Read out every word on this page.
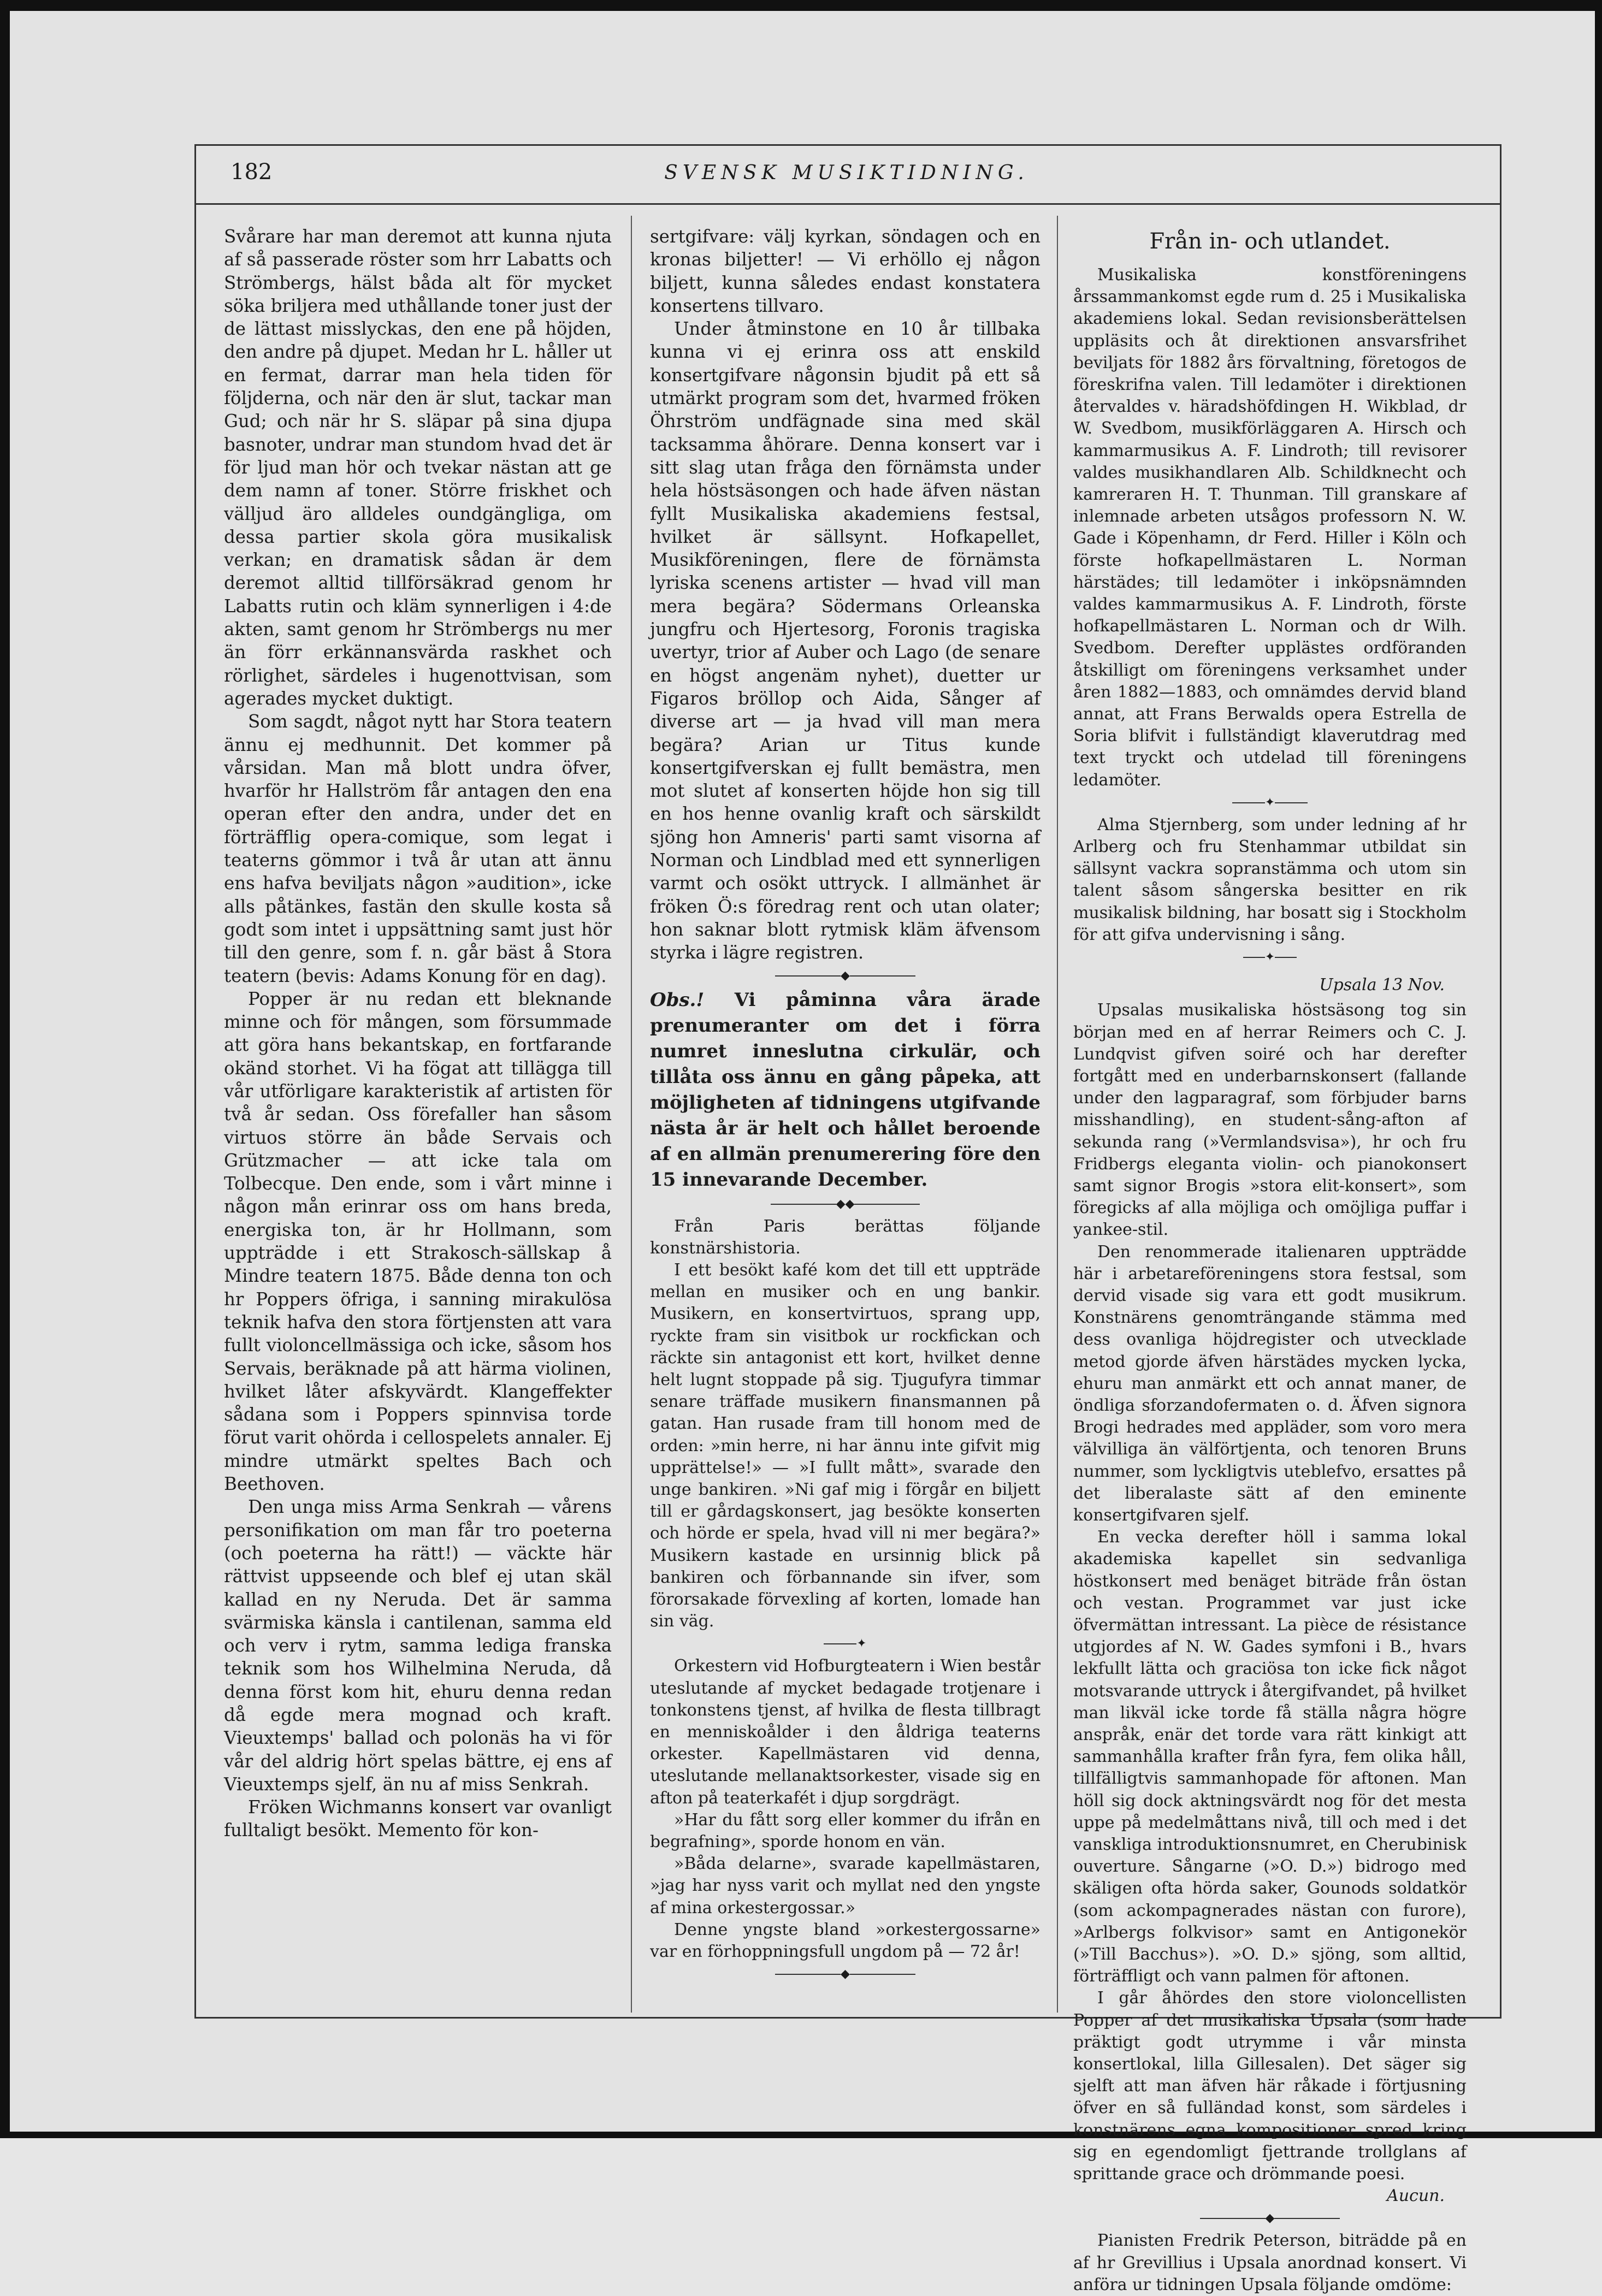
182	SVENSK MUSIKTIDNING.

Svårare har man deremot att kunna njuta af så passerade röster som hrr Labatts och Strömbergs, hälst båda alt för mycket söka briljera med uthållande toner just der de lättast misslyckas, den ene på höjden, den andre på djupet. Medan hr L. håller ut en fermat, darrar man hela tiden för följderna, och när den är slut, tackar man Gud; och när hr S. släpar på sina djupa basnoter, undrar man stundom hvad det är för ljud man hör och tvekar nästan att ge dem namn af toner. Större friskhet och välljud äro alldeles oundgängliga, om dessa partier skola göra musikalisk verkan; en dramatisk sådan är dem deremot alltid tillförsäkrad genom hr Labatts rutin och kläm synnerligen i 4:de akten, samt genom hr Strömbergs nu mer än förr erkännansvärda raskhet och rörlighet, särdeles i hugenottvisan, som agerades mycket duktigt.

Som sagdt, något nytt har Stora teatern ännu ej medhunnit. Det kommer på vårsidan. Man må blott undra öfver, hvarför hr Hallström får antagen den ena operan efter den andra, under det en förträfflig opera-comique, som legat i teaterns gömmor i två år utan att ännu ens hafva beviljats någon »audition», icke alls påtänkes, fastän den skulle kosta så godt som intet i uppsättning samt just hör till den genre, som f. n. går bäst å Stora teatern (bevis: Adams Konung för en dag).

Popper är nu redan ett bleknande minne och för mången, som försummade att göra hans bekantskap, en fortfarande okänd storhet. Vi ha fögat att tillägga till vår utförligare karakteristik af artisten för två år sedan. Oss förefaller han såsom virtuos större än både Servais och Grützmacher — att icke tala om Tolbecque. Den ende, som i vårt minne i någon mån erinrar oss om hans breda, energiska ton, är hr Hollmann, som uppträdde i ett Strakosch-sällskap å Mindre teatern 1875. Både denna ton och hr Poppers öfriga, i sanning mirakulösa teknik hafva den stora förtjensten att vara fullt violoncellmässiga och icke, såsom hos Servais, beräknade på att härma violinen, hvilket låter afskyvärdt. Klangeffekter sådana som i Poppers spinnvisa torde förut varit ohörda i cellospelets annaler. Ej mindre utmärkt speltes Bach och Beethoven.

Den unga miss Arma Senkrah — vårens personifikation om man får tro poeterna (och poeterna ha rätt!) — väckte här rättvist uppseende och blef ej utan skäl kallad en ny Neruda. Det är samma svärmiska känsla i cantilenan, samma eld och verv i rytm, samma lediga franska teknik som hos Wilhelmina Neruda, då denna först kom hit, ehuru denna redan då egde mera mognad och kraft. Vieuxtemps' ballad och polonäs ha vi för vår del aldrig hört spelas bättre, ej ens af Vieuxtemps sjelf, än nu af miss Senkrah.

Fröken Wichmanns konsert var ovanligt fulltaligt besökt. Memento för kon-

sertgifvare: välj kyrkan, söndagen och en kronas biljetter! — Vi erhöllo ej någon biljett, kunna således endast konstatera konsertens tillvaro.

Under åtminstone en 10 år tillbaka kunna vi ej erinra oss att enskild konsertgifvare någonsin bjudit på ett så utmärkt program som det, hvarmed fröken Öhrström undfägnade sina med skäl tacksamma åhörare. Denna konsert var i sitt slag utan fråga den förnämsta under hela höstsäsongen och hade äfven nästan fyllt Musikaliska akademiens festsal, hvilket är sällsynt. Hofkapellet, Musikföreningen, flere de förnämsta lyriska scenens artister — hvad vill man mera begära? Södermans Orleanska jungfru och Hjertesorg, Foronis tragiska uvertyr, trior af Auber och Lago (de senare en högst angenäm nyhet), duetter ur Figaros bröllop och Aida, Sånger af diverse art — ja hvad vill man mera begära? Arian ur Titus kunde konsertgifverskan ej fullt bemästra, men mot slutet af konserten höjde hon sig till en hos henne ovanlig kraft och särskildt sjöng hon Amneris' parti samt visorna af Norman och Lindblad med ett synnerligen varmt och osökt uttryck. I allmänhet är fröken Ö:s föredrag rent och utan olater; hon saknar blott rytmisk kläm äfvensom styrka i lägre registren.

◆

Obs.! Vi påminna våra ärade prenumeranter om det i förra numret inneslutna cirkulär, och tillåta oss ännu en gång påpeka, att möjligheten af tidningens utgifvande nästa år är helt och hållet beroende af en allmän prenumerering före den 15 innevarande December.

◆◆

Från Paris berättas följande konstnärshistoria.

I ett besökt kafé kom det till ett uppträde mellan en musiker och en ung bankir. Musikern, en konsertvirtuos, sprang upp, ryckte fram sin visitbok ur rockfickan och räckte sin antagonist ett kort, hvilket denne helt lugnt stoppade på sig. Tjugufyra timmar senare träffade musikern finansmannen på gatan. Han rusade fram till honom med de orden: »min herre, ni har ännu inte gifvit mig upprättelse!» — »I fullt mått», svarade den unge bankiren. »Ni gaf mig i förgår en biljett till er gårdagskonsert, jag besökte konserten och hörde er spela, hvad vill ni mer begära?» Musikern kastade en ursinnig blick på bankiren och förbannande sin ifver, som förorsakade förvexling af korten, lomade han sin väg.

✦

Orkestern vid Hofburgteatern i Wien består uteslutande af mycket bedagade trotjenare i tonkonstens tjenst, af hvilka de flesta tillbragt en menniskoålder i den åldriga teaterns orkester. Kapellmästaren vid denna, uteslutande mellanaktsorkester, visade sig en afton på teaterkafét i djup sorgdrägt.

»Har du fått sorg eller kommer du ifrån en begrafning», sporde honom en vän.

»Båda delarne», svarade kapellmästaren, »jag har nyss varit och myllat ned den yngste af mina orkestergossar.»

Denne yngste bland »orkestergossarne» var en förhoppningsfull ungdom på — 72 år!

◆
Från in- och utlandet.

Musikaliska konstföreningens årssammankomst egde rum d. 25 i Musikaliska akademiens lokal. Sedan revisionsberättelsen uppläsits och åt direktionen ansvarsfrihet beviljats för 1882 års förvaltning, företogos de föreskrifna valen. Till ledamöter i direktionen återvaldes v. häradshöfdingen H. Wikblad, dr W. Svedbom, musikförläggaren A. Hirsch och kammarmusikus A. F. Lindroth; till revisorer valdes musikhandlaren Alb. Schildknecht och kamreraren H. T. Thunman. Till granskare af inlemnade arbeten utsågos professorn N. W. Gade i Köpenhamn, dr Ferd. Hiller i Köln och förste hofkapellmästaren L. Norman härstädes; till ledamöter i inköpsnämnden valdes kammarmusikus A. F. Lindroth, förste hofkapellmästaren L. Norman och dr Wilh. Svedbom. Derefter upplästes ordföranden åtskilligt om föreningens verksamhet under åren 1882—1883, och omnämdes dervid bland annat, att Frans Berwalds opera Estrella de Soria blifvit i fullständigt klaverutdrag med text tryckt och utdelad till föreningens ledamöter.

✦

Alma Stjernberg, som under ledning af hr Arlberg och fru Stenhammar utbildat sin sällsynt vackra sopranstämma och utom sin talent såsom sångerska besitter en rik musikalisk bildning, har bosatt sig i Stockholm för att gifva undervisning i sång.

✦
Upsala 13 Nov.

Upsalas musikaliska höstsäsong tog sin början med en af herrar Reimers och C. J. Lundqvist gifven soiré och har derefter fortgått med en underbarnskonsert (fallande under den lagparagraf, som förbjuder barns misshandling), en student-sång-afton af sekunda rang (»Vermlandsvisa»), hr och fru Fridbergs eleganta violin- och pianokonsert samt signor Brogis »stora elit-konsert», som föregicks af alla möjliga och omöjliga puffar i yankee-stil.

Den renommerade italienaren uppträdde här i arbetareföreningens stora festsal, som dervid visade sig vara ett godt musikrum. Konstnärens genomträngande stämma med dess ovanliga höjdregister och utvecklade metod gjorde äfven härstädes mycken lycka, ehuru man anmärkt ett och annat maner, de öndliga sforzandofermaten o. d. Äfven signora Brogi hedrades med appläder, som voro mera välvilliga än välförtjenta, och tenoren Bruns nummer, som lyckligtvis uteblefvo, ersattes på det liberalaste sätt af den eminente konsertgifvaren sjelf.

En vecka derefter höll i samma lokal akademiska kapellet sin sedvanliga höstkonsert med benäget biträde från östan och vestan. Programmet var just icke öfvermättan intressant. La pièce de résistance utgjordes af N. W. Gades symfoni i B., hvars lekfullt lätta och graciösa ton icke fick något motsvarande uttryck i återgifvandet, på hvilket man likväl icke torde få ställa några högre anspråk, enär det torde vara rätt kinkigt att sammanhålla krafter från fyra, fem olika håll, tillfälligtvis sammanhopade för aftonen. Man höll sig dock aktningsvärdt nog för det mesta uppe på medelmåttans nivå, till och med i det vanskliga introduktionsnumret, en Cherubinisk ouverture. Sångarne (»O. D.») bidrogo med skäligen ofta hörda saker, Gounods soldatkör (som ackompagnerades nästan con furore), »Arlbergs folkvisor» samt en Antigonekör (»Till Bacchus»). »O. D.» sjöng, som alltid, förträffligt och vann palmen för aftonen.

I går åhördes den store violoncellisten Popper af det musikaliska Upsala (som hade präktigt godt utrymme i vår minsta konsertlokal, lilla Gillesalen). Det säger sig sjelft att man äfven här råkade i förtjusning öfver en så fulländad konst, som särdeles i konstnärens egna kompositioner spred kring sig en egendomligt fjettrande trollglans af sprittande grace och drömmande poesi.

Aucun.
◆

Pianisten Fredrik Peterson, biträdde på en af hr Grevillius i Upsala anordnad konsert. Vi anföra ur tidningen Upsala följande omdöme:
